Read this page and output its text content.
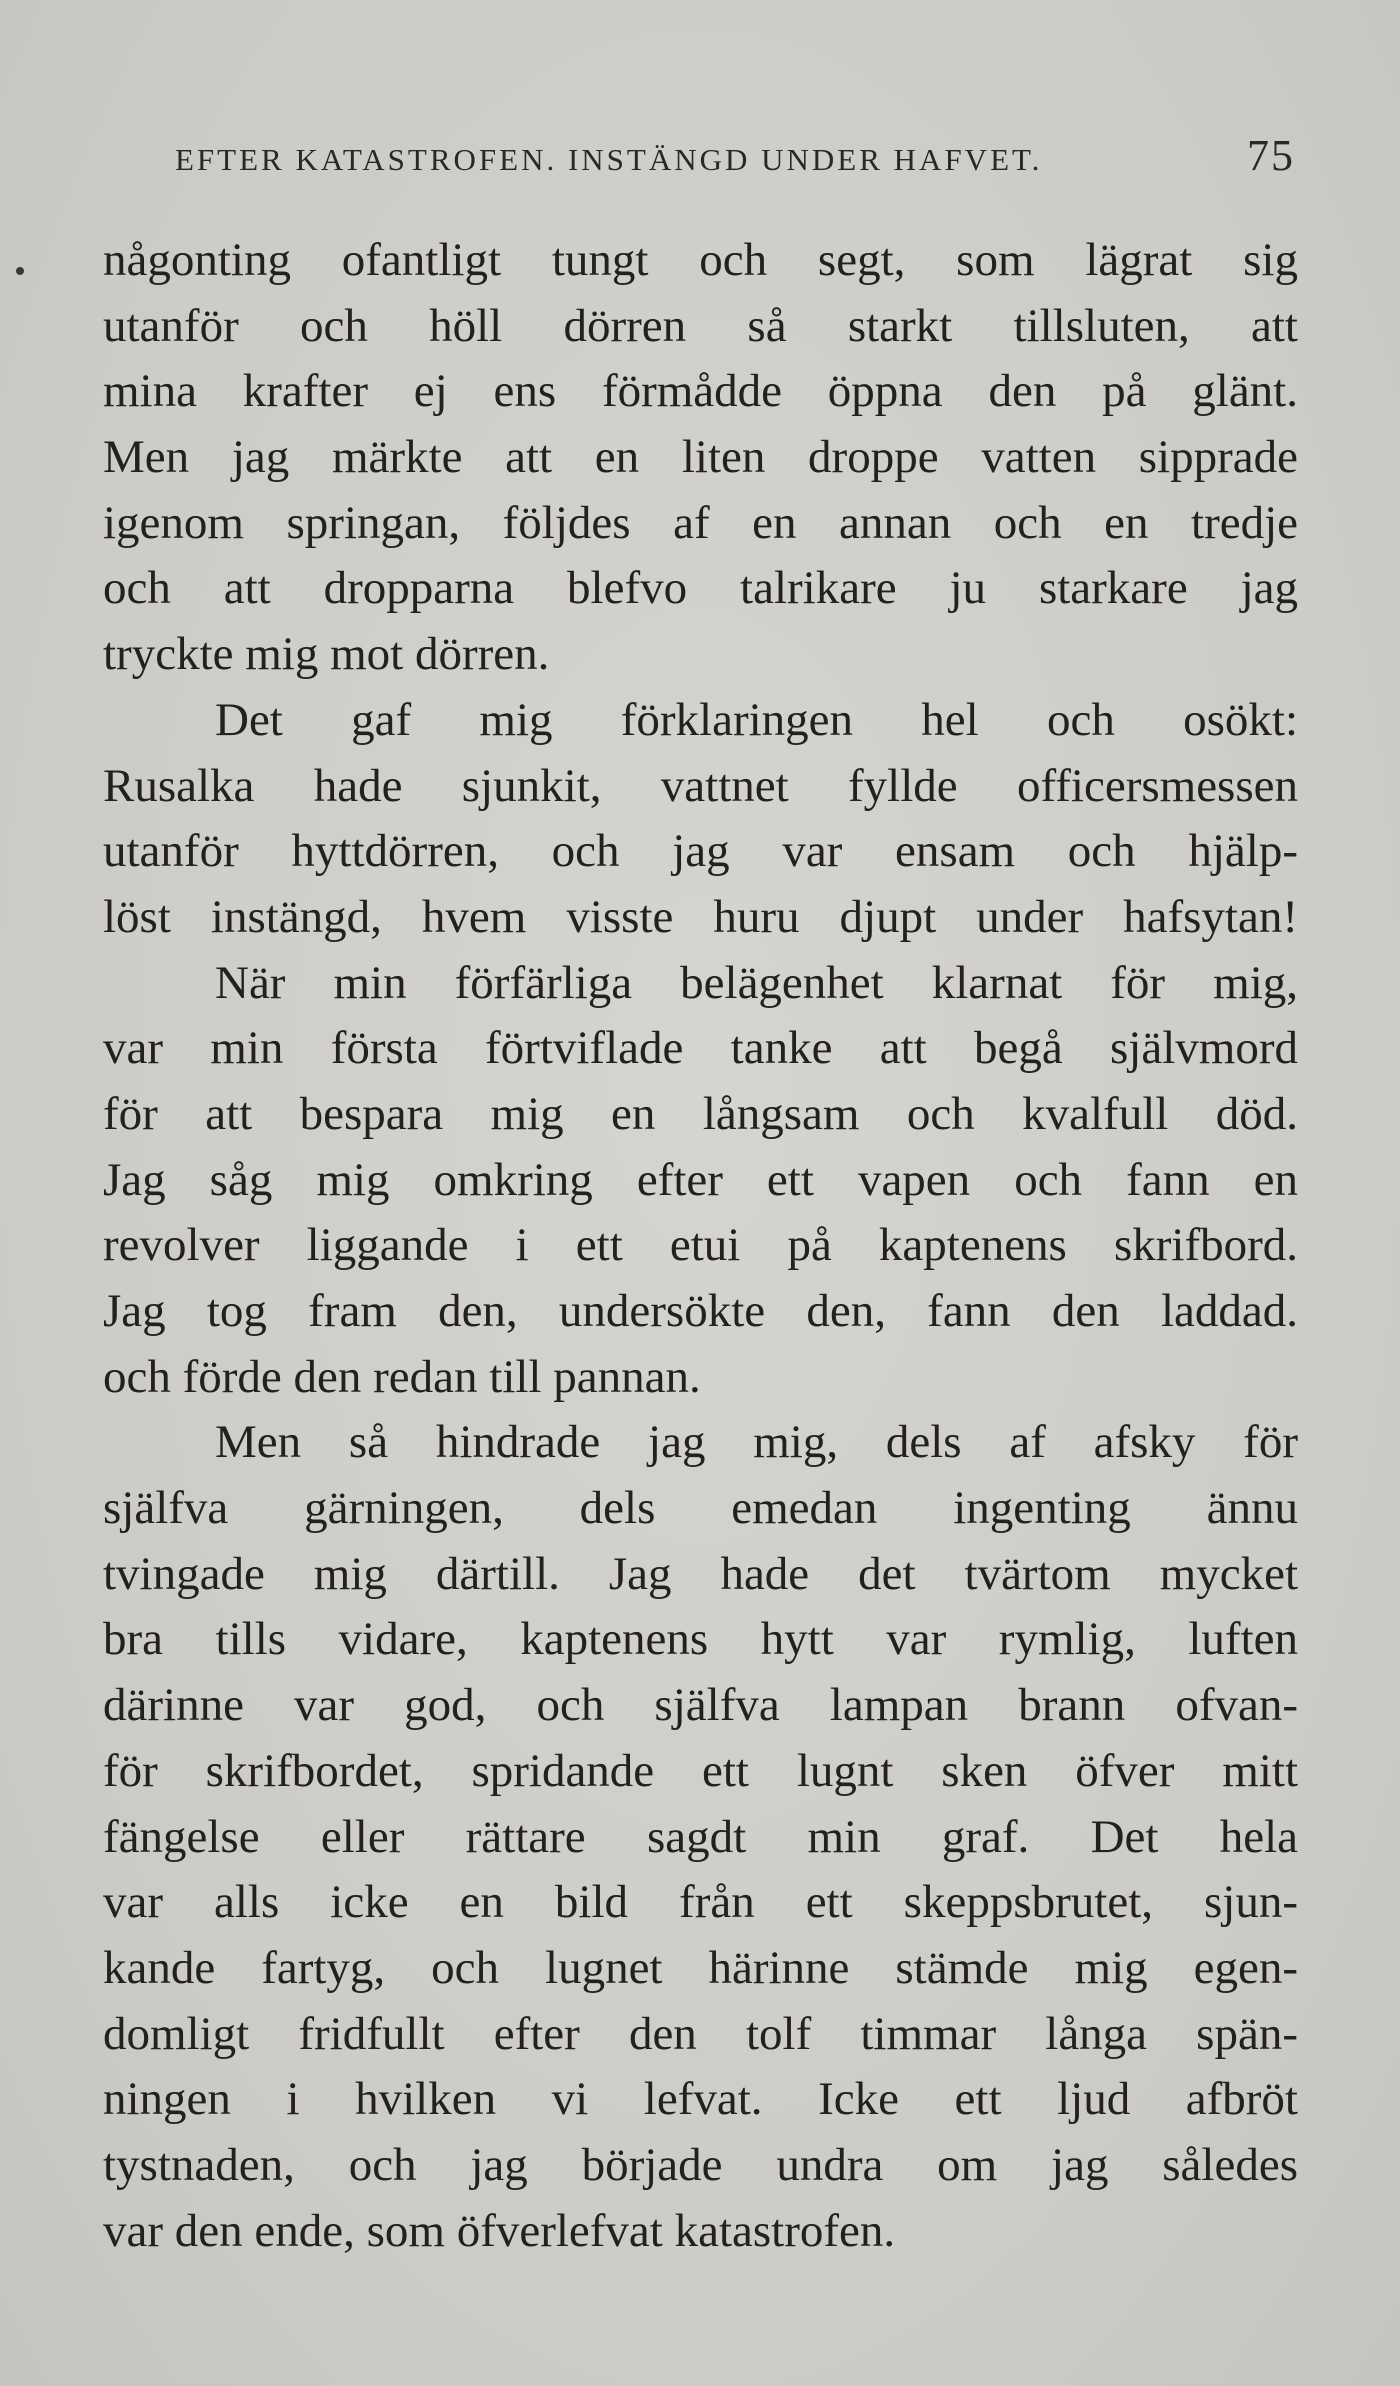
EFTER KATASTROFEN. INSTÄNGD UNDER HAFVET.	75
någonting ofantligt tungt och segt, som lägrat sig
utanför och höll dörren så starkt tillsluten, att
mina krafter ej ens förmådde öppna den på glänt.
Men jag märkte att en liten droppe vatten sipprade
igenom springan, följdes af en annan och en tredje
och att dropparna blefvo talrikare ju starkare jag
tryckte mig mot dörren.
Det gaf mig förklaringen hel och osökt:
Rusalka hade sjunkit, vattnet fyllde officersmessen
utanför hyttdörren, och jag var ensam och hjälp-
löst instängd, hvem visste huru djupt under hafsytan!
När min förfärliga belägenhet klarnat för mig,
var min första förtviflade tanke att begå självmord
för att bespara mig en långsam och kvalfull död.
Jag såg mig omkring efter ett vapen och fann en
revolver liggande i ett etui på kaptenens skrifbord.
Jag tog fram den, undersökte den, fann den laddad.
och förde den redan till pannan.
Men så hindrade jag mig, dels af afsky för
själfva gärningen, dels emedan ingenting ännu
tvingade mig därtill. Jag hade det tvärtom mycket
bra tills vidare, kaptenens hytt var rymlig, luften
därinne var god, och själfva lampan brann ofvan-
för skrifbordet, spridande ett lugnt sken öfver mitt
fängelse eller rättare sagdt min graf. Det hela
var alls icke en bild från ett skeppsbrutet, sjun-
kande fartyg, och lugnet härinne stämde mig egen-
domligt fridfullt efter den tolf timmar långa spän-
ningen i hvilken vi lefvat. Icke ett ljud afbröt
tystnaden, och jag började undra om jag således
var den ende, som öfverlefvat katastrofen.
